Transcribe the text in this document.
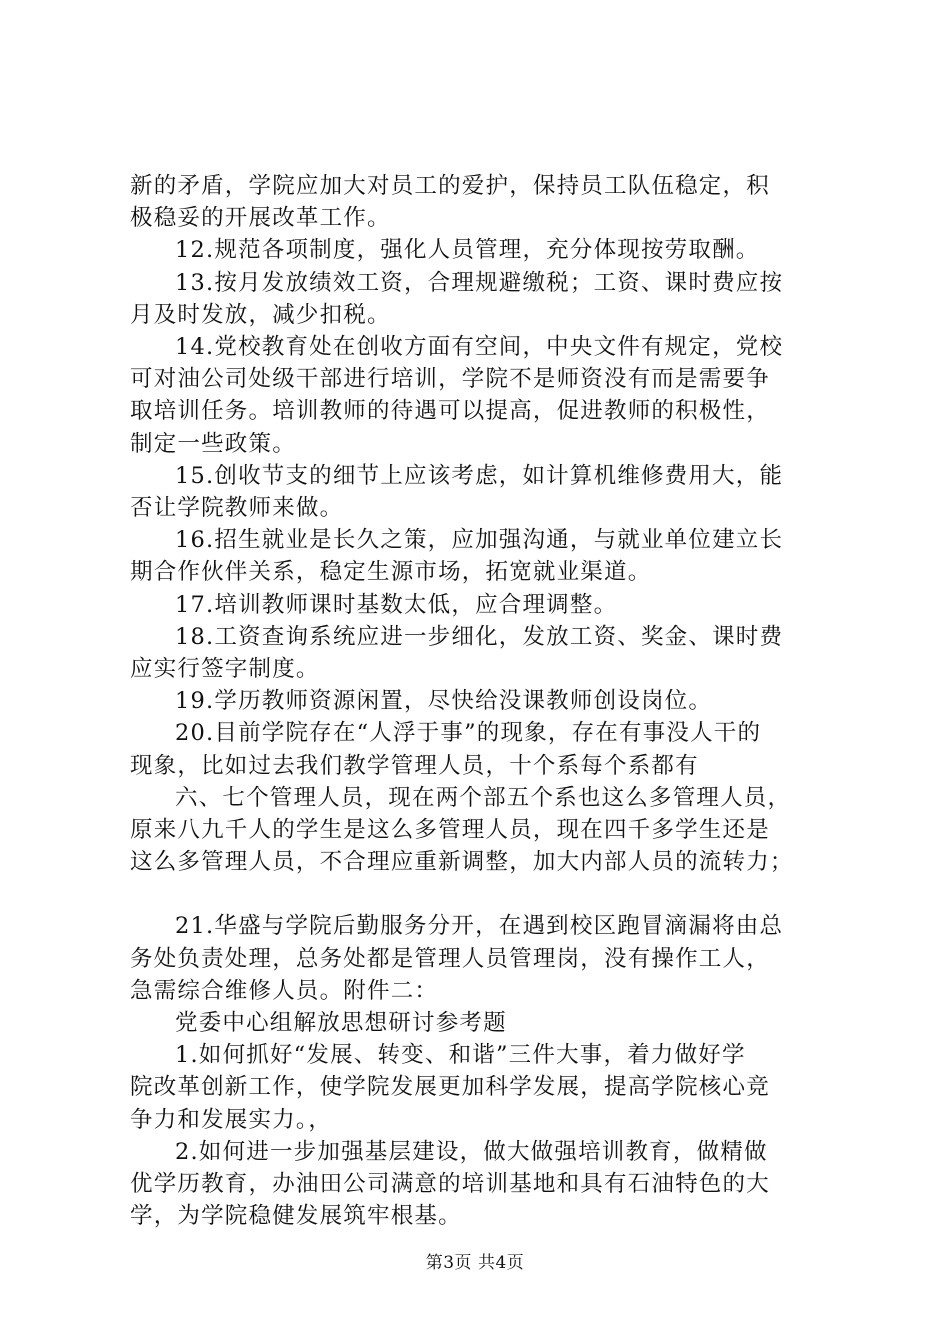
新的矛盾，学院应加大对员工的爱护，保持员工队伍稳定，积
极稳妥的开展改革工作。

12.规范各项制度，强化人员管理，充分体现按劳取酬。

13.按月发放绩效工资，合理规避缴税；工资、课时费应按
月及时发放，减少扣税。

14.党校教育处在创收方面有空间，中央文件有规定，党校
可对油公司处级干部进行培训，学院不是师资没有而是需要争
取培训任务。培训教师的待遇可以提高，促进教师的积极性，
制定一些政策。

15.创收节支的细节上应该考虑，如计算机维修费用大，能
否让学院教师来做。

16.招生就业是长久之策，应加强沟通，与就业单位建立长
期合作伙伴关系，稳定生源市场，拓宽就业渠道。

17.培训教师课时基数太低，应合理调整。

18.工资查询系统应进一步细化，发放工资、奖金、课时费
应实行签字制度。

19.学历教师资源闲置，尽快给没课教师创设岗位。

20.目前学院存在“人浮于事”的现象，存在有事没人干的
现象，比如过去我们教学管理人员，十个系每个系都有

六、七个管理人员，现在两个部五个系也这么多管理人员，
原来八九千人的学生是这么多管理人员，现在四千多学生还是
这么多管理人员，不合理应重新调整，加大内部人员的流转力；

21.华盛与学院后勤服务分开，在遇到校区跑冒滴漏将由总
务处负责处理，总务处都是管理人员管理岗，没有操作工人，
急需综合维修人员。附件二：

党委中心组解放思想研讨参考题

1.如何抓好“发展、转变、和谐”三件大事，着力做好学
院改革创新工作，使学院发展更加科学发展，提高学院核心竞
争力和发展实力。，

2.如何进一步加强基层建设，做大做强培训教育，做精做
优学历教育，办油田公司满意的培训基地和具有石油特色的大
学，为学院稳健发展筑牢根基。

第3页 共4页
